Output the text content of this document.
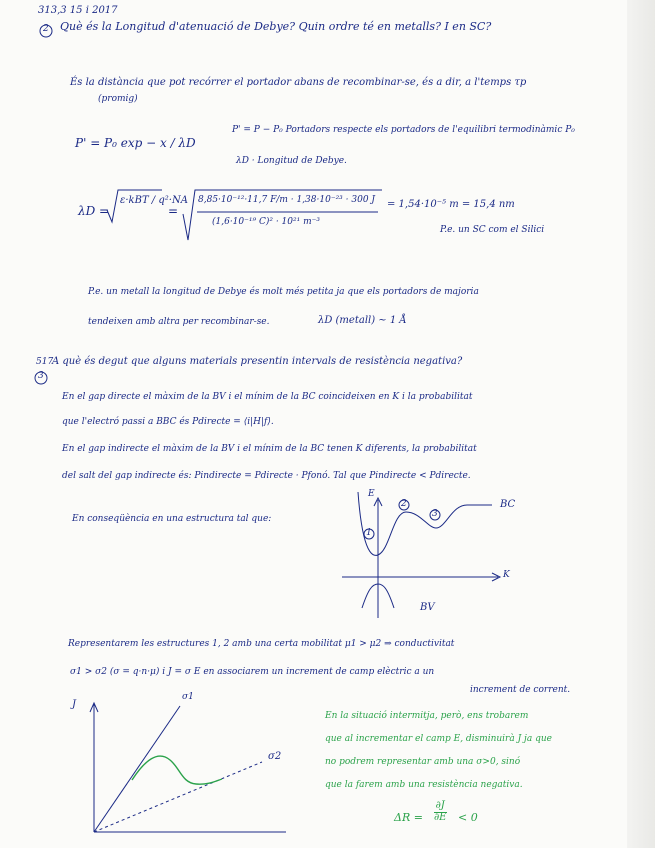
313,3 15 i 2017
2 Què és la Longitud d'atenuació de Debye? Quin ordre té en metalls? I en SC?
És la distància que pot recórrer el portador abans de recombinar-se, és a dir, a l'temps τp
(promig)
P' = P₀ exp − x / λD
P' = P − P₀ Portadors respecte els portadors de l'equilibri termodinàmic P₀
λD · Longitud de Debye.
λD =
ε·kBT / q²·NA
=
8,85·10⁻¹²·11,7 F/m · 1,38·10⁻²³ · 300 J
(1,6·10⁻¹⁹ C)² · 10²¹ m⁻³
= 1,54·10⁻⁵ m = 15,4 nm
P.e. un SC com el Silici
P.e. un metall la longitud de Debye és molt més petita ja que els portadors de majoria
tendeixen amb altra per recombinar-se.	λD (metall) ~ 1 Å
517
3
A què és degut que alguns materials presentin intervals de resistència negativa?
En el gap directe el màxim de la BV i el mínim de la BC coincideixen en K i la probabilitat
que l'electró passi a BBC és Pdirecte = ⟨i|H|f⟩.
En el gap indirecte el màxim de la BV i el mínim de la BC tenen K diferents, la probabilitat
del salt del gap indirecte és: Pindirecte = Pdirecte · Pfonó. Tal que Pindirecte < Pdirecte.
En conseqüència en una estructura tal que:
1
2
3
BC
BV
E
K
Representarem les estructures 1, 2 amb una certa mobilitat μ1 > μ2 ⇒ conductivitat
σ1 > σ2 (σ = q·n·μ) i J = σ E en associarem un increment de camp elèctric a un
increment de corrent.
J
σ1
σ2
En la situació intermitja, però, ens trobarem
que al incrementar el camp E, disminuirà J ja que
no podrem representar amb una σ>0, sinó
que la farem amb una resistència negativa.
$\Delta R = \frac{\partial J}{\partial E} < 0$
